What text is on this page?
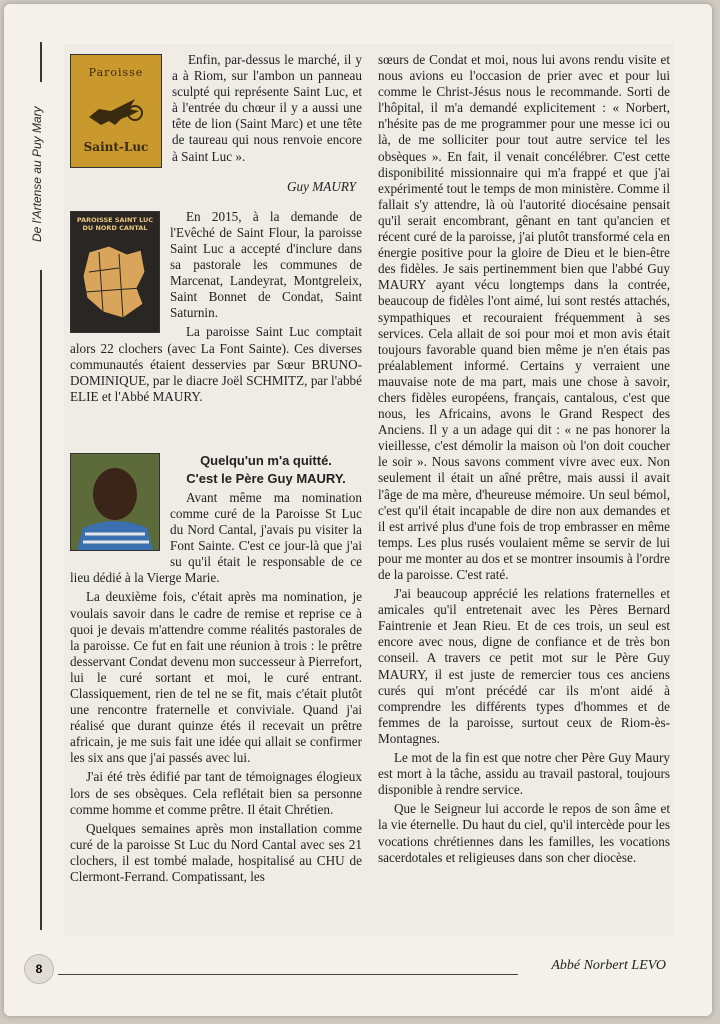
De l'Artense au Puy Mary
Paroisse
Saint-Luc

Enfin, par-dessus le marché, il y a à Riom, sur l'ambon un panneau sculpté qui représente Saint Luc, et à l'entrée du chœur il y a aussi une tête de lion (Saint Marc) et une tête de taureau qui nous renvoie encore à Saint Luc ».

Guy MAURY

PAROISSE SAINT LUC DU NORD CANTAL

En 2015, à la demande de l'Evêché de Saint Flour, la paroisse Saint Luc a accepté d'inclure dans sa pastorale les communes de Marcenat, Landeyrat, Montgreleix, Saint Bonnet de Condat, Saint Saturnin.

La paroisse Saint Luc comptait alors 22 clochers (avec La Font Sainte). Ces diverses communautés étaient desservies par Sœur BRUNO-DOMINIQUE, par le diacre Joël SCHMITZ, par l'abbé ELIE et l'Abbé MAURY.

Quelqu'un m'a quitté.

C'est le Père Guy MAURY.

Avant même ma nomination comme curé de la Paroisse St Luc du Nord Cantal, j'avais pu visiter la Font Sainte. C'est ce jour-là que j'ai su qu'il était le responsable de ce lieu dédié à la Vierge Marie.

La deuxième fois, c'était après ma nomination, je voulais savoir dans le cadre de remise et reprise ce à quoi je devais m'attendre comme réalités pastorales de la paroisse. Ce fut en fait une réunion à trois : le prêtre desservant Condat devenu mon successeur à Pierrefort, lui le curé sortant et moi, le curé entrant. Classiquement, rien de tel ne se fit, mais c'était plutôt une rencontre fraternelle et conviviale. Quand j'ai réalisé que durant quinze étés il recevait un prêtre africain, je me suis fait une idée qui allait se confirmer les six ans que j'ai passés avec lui.

J'ai été très édifié par tant de témoignages élogieux lors de ses obsèques. Cela reflétait bien sa personne comme homme et comme prêtre. Il était Chrétien.

Quelques semaines après mon installation comme curé de la paroisse St Luc du Nord Cantal avec ses 21 clochers, il est tombé malade, hospitalisé au CHU de Clermont-Ferrand. Compatissant, les

sœurs de Condat et moi, nous lui avons rendu visite et nous avions eu l'occasion de prier avec et pour lui comme le Christ-Jésus nous le recommande. Sorti de l'hôpital, il m'a demandé explicitement : « Norbert, n'hésite pas de me programmer pour une messe ici ou là, de me solliciter pour tout autre service tel les obsèques ». En fait, il venait concélébrer. C'est cette disponibilité missionnaire qui m'a frappé et que j'ai expérimenté tout le temps de mon ministère. Comme il fallait s'y attendre, là où l'autorité diocésaine pensait qu'il serait encombrant, gênant en tant qu'ancien et récent curé de la paroisse, j'ai plutôt transformé cela en énergie positive pour la gloire de Dieu et le bien-être des fidèles. Je sais pertinemment bien que l'abbé Guy MAURY ayant vécu longtemps dans la contrée, beaucoup de fidèles l'ont aimé, lui sont restés attachés, sympathiques et recouraient fréquemment à ses services. Cela allait de soi pour moi et mon avis était toujours favorable quand bien même je n'en étais pas préalablement informé. Certains y verraient une mauvaise note de ma part, mais une chose à savoir, chers fidèles européens, français, cantalous, c'est que nous, les Africains, avons le Grand Respect des Anciens. Il y a un adage qui dit : « ne pas honorer la vieillesse, c'est démolir la maison où l'on doit coucher le soir ». Nous savons comment vivre avec eux. Non seulement il était un aîné prêtre, mais aussi il avait l'âge de ma mère, d'heureuse mémoire. Un seul bémol, c'est qu'il était incapable de dire non aux demandes et il est arrivé plus d'une fois de trop embrasser en même temps. Les plus rusés voulaient même se servir de lui pour me monter au dos et se montrer insoumis à l'ordre de la paroisse. C'est raté.

J'ai beaucoup apprécié les relations fraternelles et amicales qu'il entretenait avec les Pères Bernard Faintrenie et Jean Rieu. Et de ces trois, un seul est encore avec nous, digne de confiance et de très bon conseil. A travers ce petit mot sur le Père Guy MAURY, il est juste de remercier tous ces anciens curés qui m'ont précédé car ils m'ont aidé à comprendre les différents types d'hommes et de femmes de la paroisse, surtout ceux de Riom-ès-Montagnes.

Le mot de la fin est que notre cher Père Guy Maury est mort à la tâche, assidu au travail pastoral, toujours disponible à rendre service.

Que le Seigneur lui accorde le repos de son âme et la vie éternelle. Du haut du ciel, qu'il intercède pour les vocations chrétiennes dans les familles, les vocations sacerdotales et religieuses dans son cher diocèse.

8	Abbé Norbert LEVO
